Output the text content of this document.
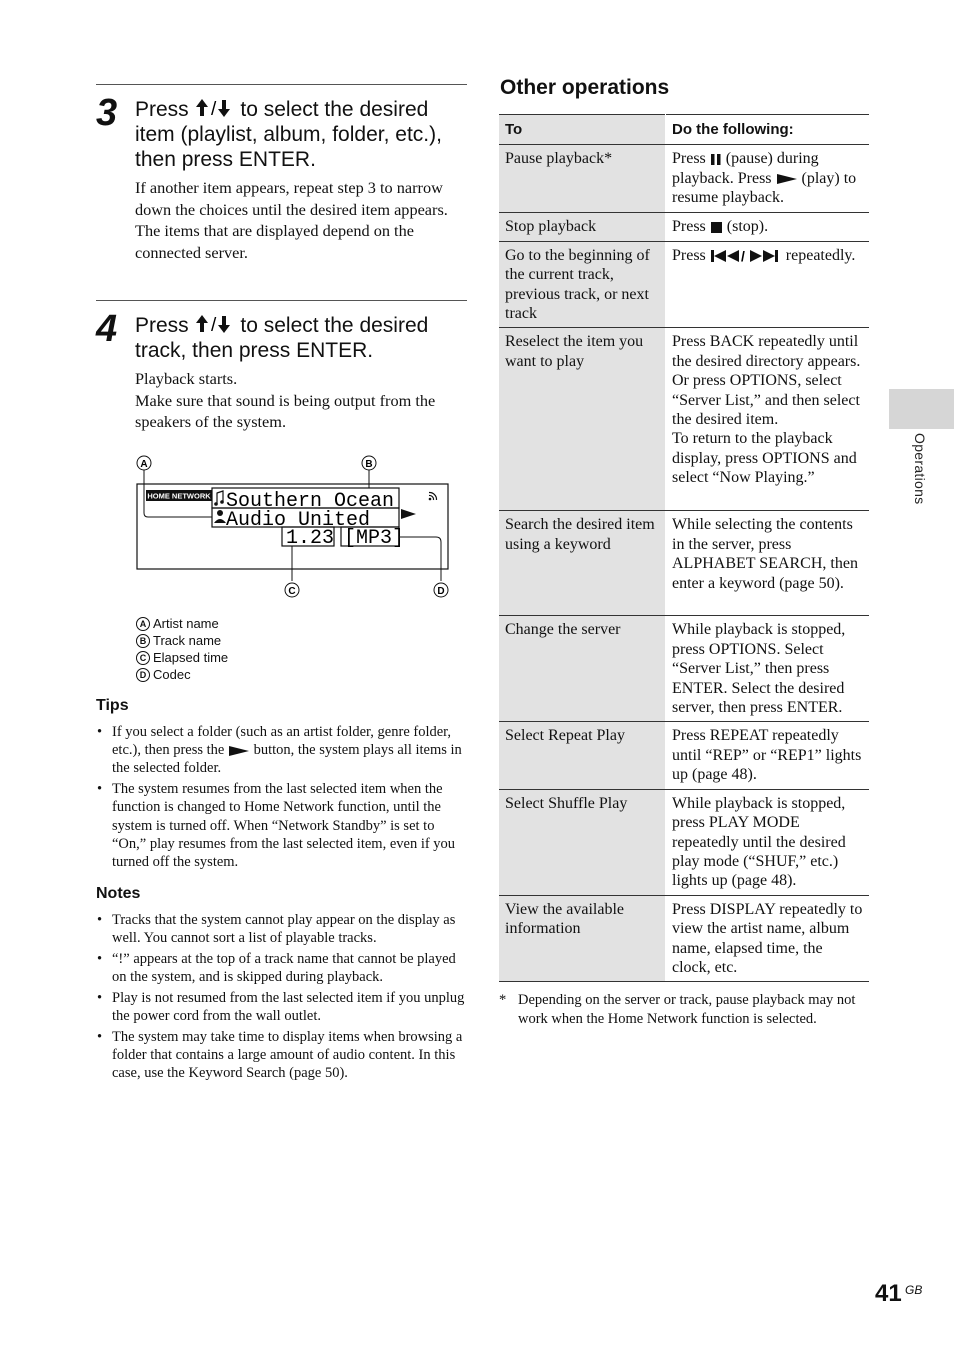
3 Press / to select the desired item (playlist, album, folder, etc.), then press ENTER.
If another item appears, repeat step 3 to narrow down the choices until the desired item appears. The items that are displayed depend on the connected server.
4 Press / to select the desired track, then press ENTER.
Playback starts.
Make sure that sound is being output from the speakers of the system.
A	B
HOME NETWORK Southern Ocean
Audio United
1.23 [MP3]
C	D
A Artist name
B Track name
C Elapsed time
D Codec
Tips
• If you select a folder (such as an artist folder, genre folder, etc.), then press the button, the system plays all items in the selected folder.
• The system resumes from the last selected item when the function is changed to Home Network function, until the system is turned off. When “Network Standby” is set to “On,” play resumes from the last selected item, even if you turned off the system.
Notes
• Tracks that the system cannot play appear on the display as well. You cannot sort a list of playable tracks.
• “!” appears at the top of a track name that cannot be played on the system, and is skipped during playback.
• Play is not resumed from the last selected item if you unplug the power cord from the wall outlet.
• The system may take time to display items when browsing a folder that contains a large amount of audio content. In this case, use the Keyword Search (page 50).
Other operations
To	Do the following:
Pause playback*	Press (pause) during playback. Press (play) to resume playback.
Stop playback	Press (stop).
Go to the beginning of the current track, previous track, or next track	Press / repeatedly.
Reselect the item you want to play	Press BACK repeatedly until the desired directory appears.
Or press OPTIONS, select “Server List,” and then select the desired item.
To return to the playback display, press OPTIONS and select “Now Playing.”
Search the desired item using a keyword	While selecting the contents in the server, press ALPHABET SEARCH, then enter a keyword (page 50).
Change the server	While playback is stopped, press OPTIONS. Select “Server List,” then press ENTER. Select the desired server, then press ENTER.
Select Repeat Play	Press REPEAT repeatedly until “REP” or “REP1” lights up (page 48).
Select Shuffle Play	While playback is stopped, press PLAY MODE repeatedly until the desired play mode (“SHUF,” etc.) lights up (page 48).
View the available information	Press DISPLAY repeatedly to view the artist name, album name, elapsed time, the clock, etc.
* Depending on the server or track, pause playback may not work when the Home Network function is selected.
Operations
41 GB
